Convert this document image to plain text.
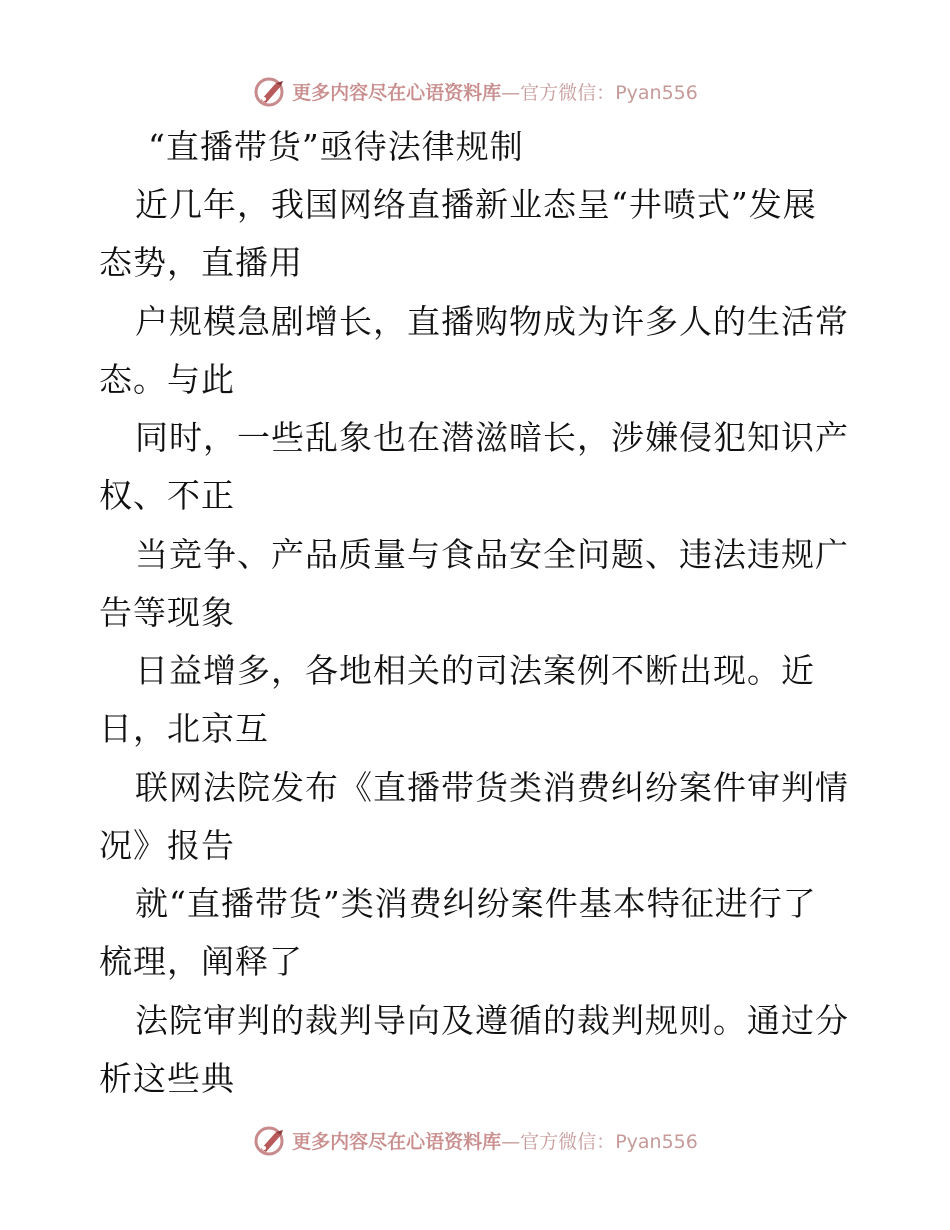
更多内容尽在心语资料库—官方微信：Pyan556
“直播带货”亟待法律规制
近几年，我国网络直播新业态呈“井喷式”发展
态势，直播用
户规模急剧增长，直播购物成为许多人的生活常
态。与此
同时，一些乱象也在潜滋暗长，涉嫌侵犯知识产
权、不正
当竞争、产品质量与食品安全问题、违法违规广
告等现象
日益增多，各地相关的司法案例不断出现。近
日，北京互
联网法院发布《直播带货类消费纠纷案件审判情
况》报告
就“直播带货”类消费纠纷案件基本特征进行了
梳理，阐释了
法院审判的裁判导向及遵循的裁判规则。通过分
析这些典
更多内容尽在心语资料库—官方微信：Pyan556
